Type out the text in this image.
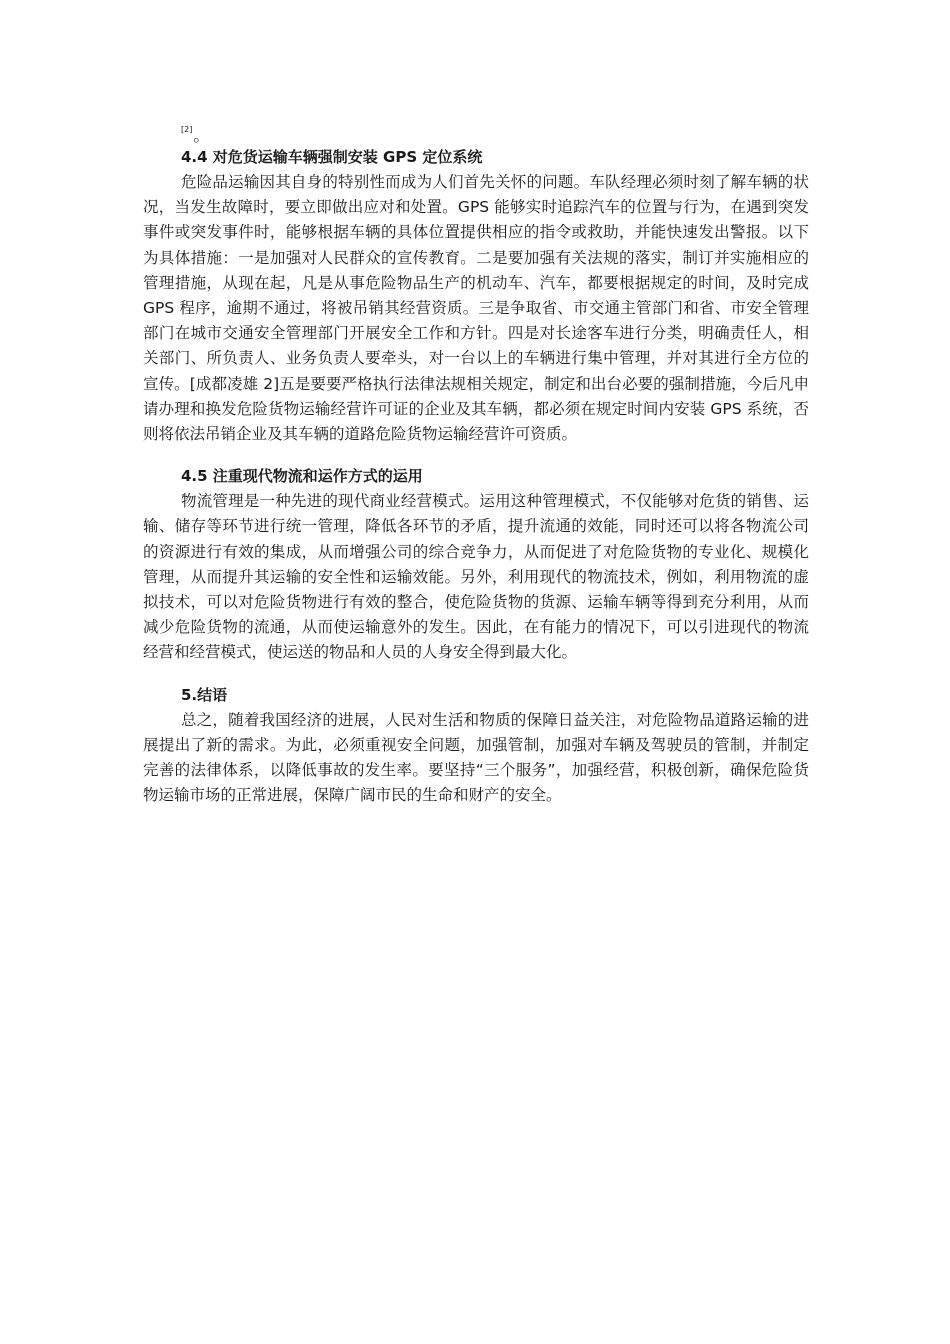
[2]。
4.4 对危货运输车辆强制安装 GPS 定位系统

危险品运输因其自身的特别性而成为人们首先关怀的问题。车队经理必须时刻了解车辆的状况，当发生故障时，要立即做出应对和处置。GPS 能够实时追踪汽车的位置与行为，在遇到突发事件或突发事件时，能够根据车辆的具体位置提供相应的指令或救助，并能快速发出警报。以下为具体措施：一是加强对人民群众的宣传教育。二是要加强有关法规的落实，制订并实施相应的管理措施，从现在起，凡是从事危险物品生产的机动车、汽车，都要根据规定的时间，及时完成 GPS 程序，逾期不通过，将被吊销其经营资质。三是争取省、市交通主管部门和省、市安全管理部门在城市交通安全管理部门开展安全工作和方针。四是对长途客车进行分类，明确责任人，相关部门、所负责人、业务负责人要牵头，对一台以上的车辆进行集中管理，并对其进行全方位的宣传。[成都凌雄 2]五是要要严格执行法律法规相关规定，制定和出台必要的强制措施，今后凡申请办理和换发危险货物运输经营许可证的企业及其车辆，都必须在规定时间内安装 GPS 系统，否则将依法吊销企业及其车辆的道路危险货物运输经营许可资质。

4.5 注重现代物流和运作方式的运用

物流管理是一种先进的现代商业经营模式。运用这种管理模式，不仅能够对危货的销售、运输、储存等环节进行统一管理，降低各环节的矛盾，提升流通的效能，同时还可以将各物流公司的资源进行有效的集成，从而增强公司的综合竞争力，从而促进了对危险货物的专业化、规模化管理，从而提升其运输的安全性和运输效能。另外，利用现代的物流技术，例如，利用物流的虚拟技术，可以对危险货物进行有效的整合，使危险货物的货源、运输车辆等得到充分利用，从而减少危险货物的流通，从而使运输意外的发生。因此，在有能力的情况下，可以引进现代的物流经营和经营模式，使运送的物品和人员的人身安全得到最大化。

5.结语

总之，随着我国经济的进展，人民对生活和物质的保障日益关注，对危险物品道路运输的进展提出了新的需求。为此，必须重视安全问题，加强管制，加强对车辆及驾驶员的管制，并制定完善的法律体系，以降低事故的发生率。要坚持“三个服务”，加强经营，积极创新，确保危险货物运输市场的正常进展，保障广阔市民的生命和财产的安全。
